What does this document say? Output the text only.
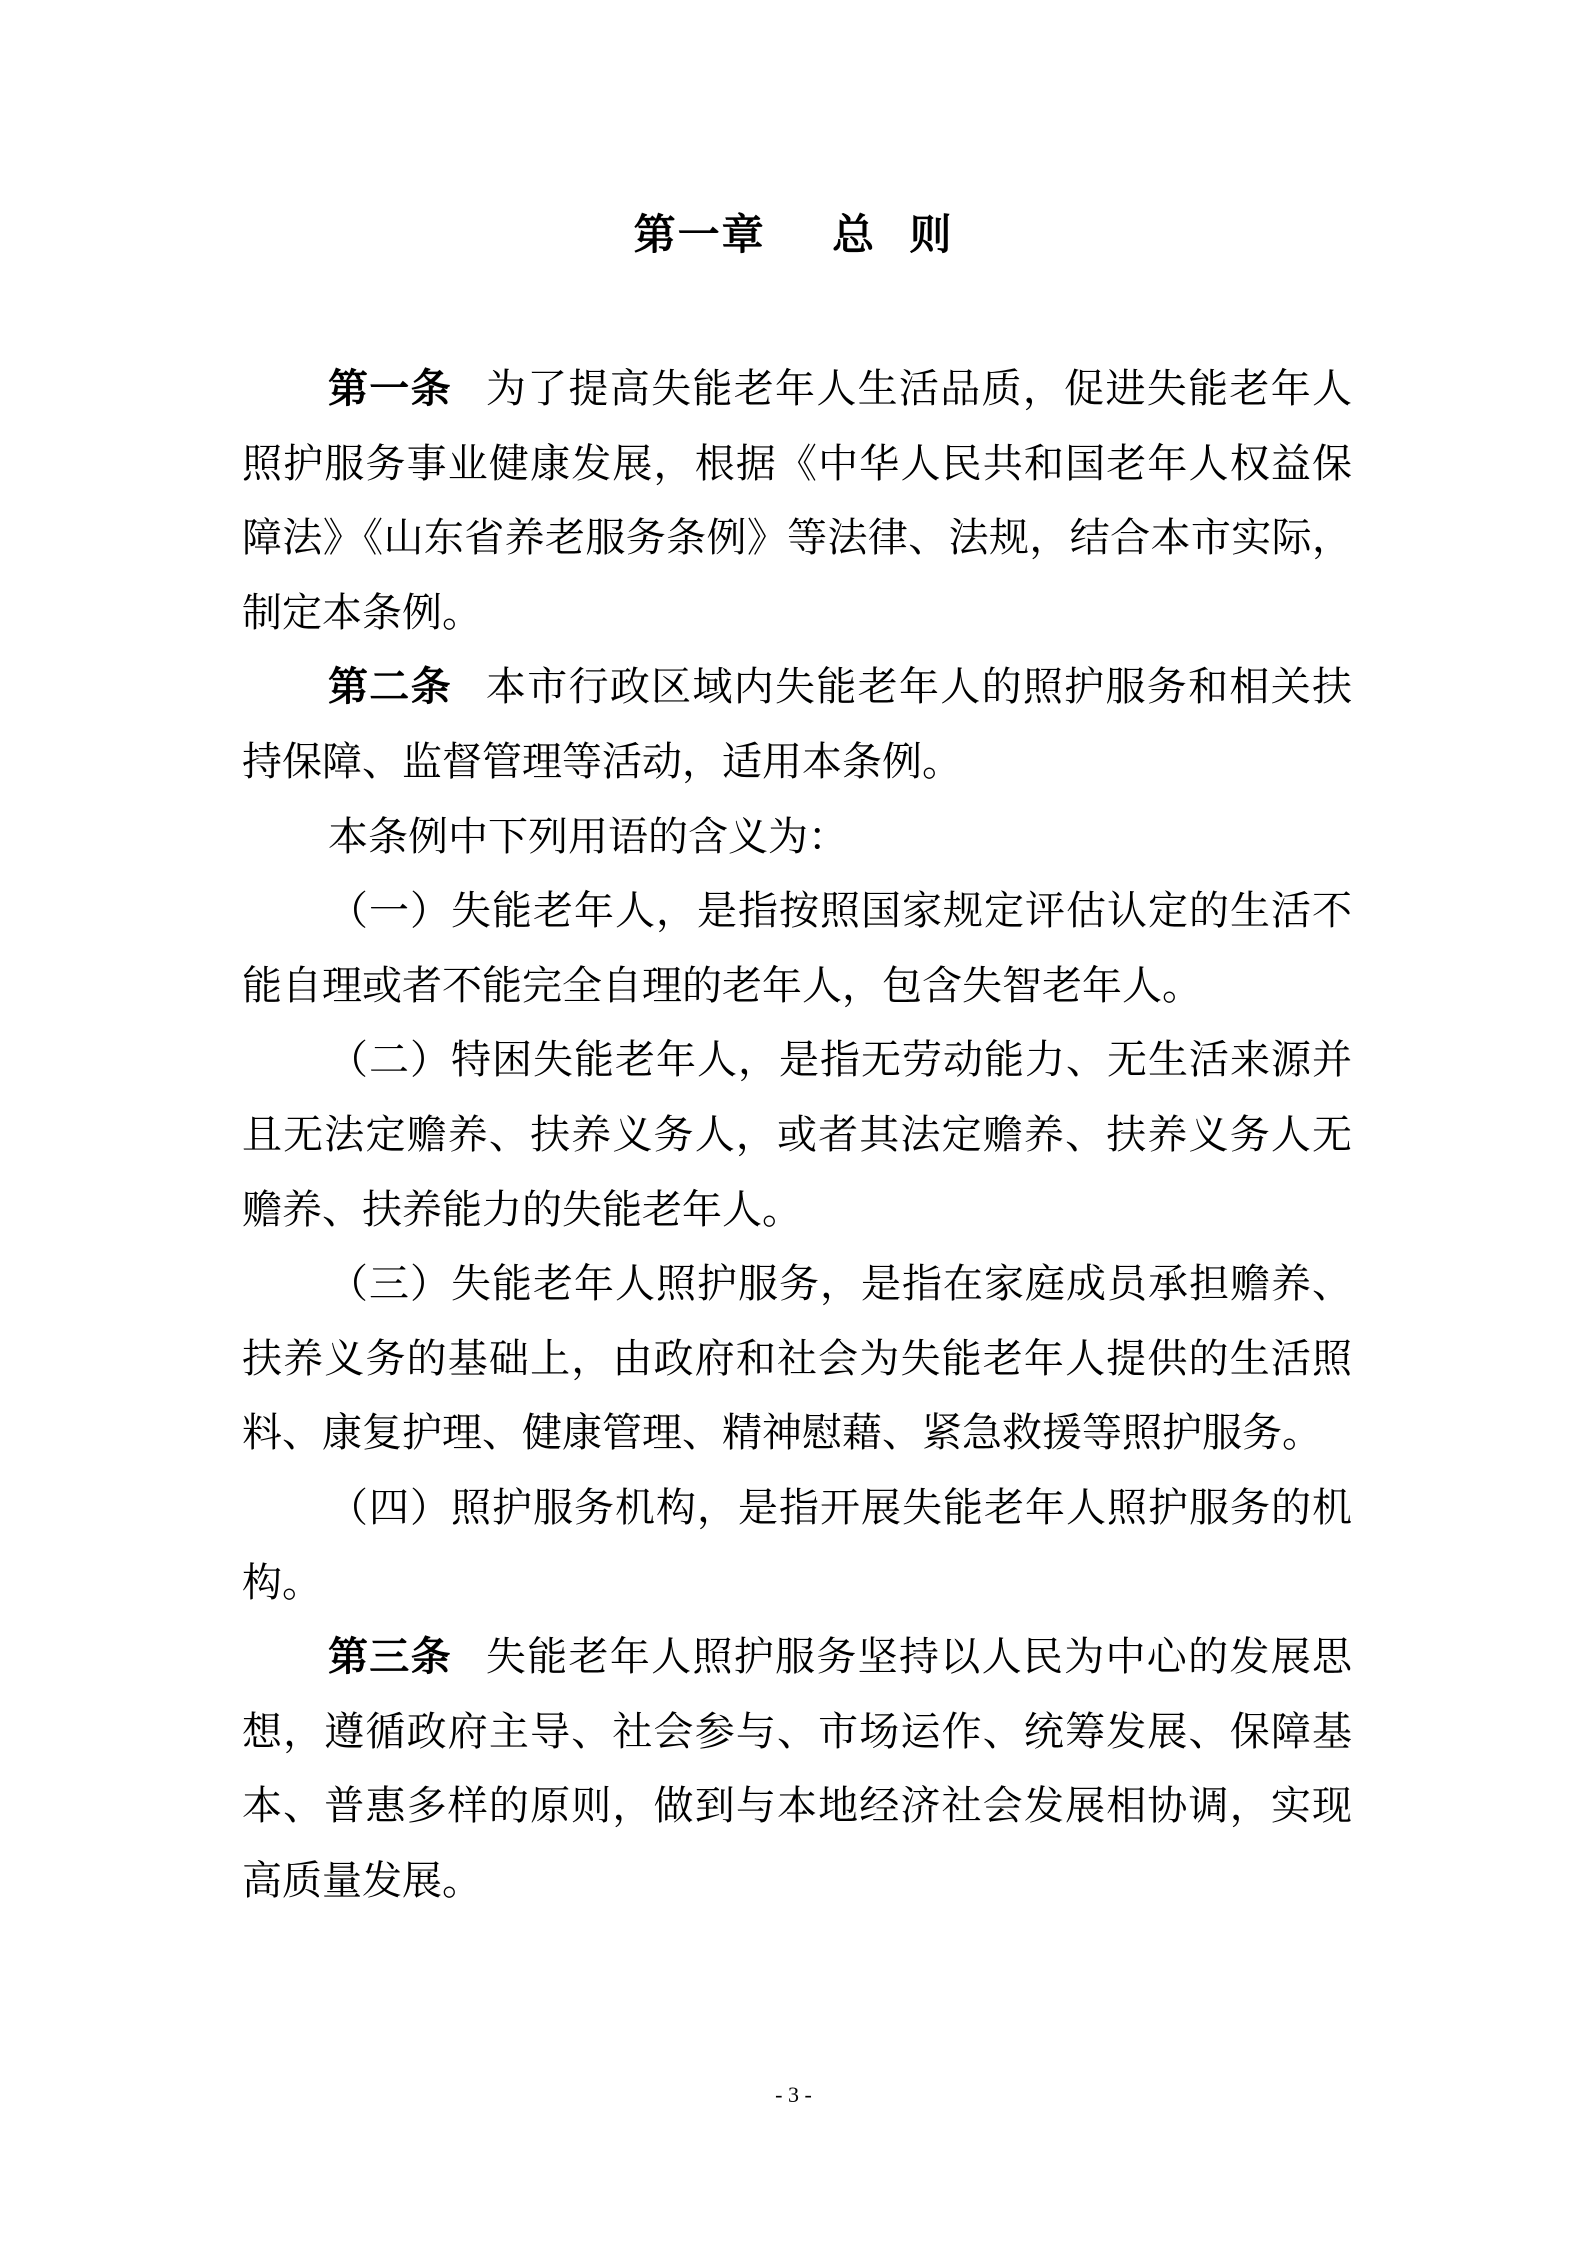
第一章    总  则

第一条 为了提高失能老年人生活品质，促进失能老年人照护服务事业健康发展，根据《中华人民共和国老年人权益保障法》《山东省养老服务条例》等法律、法规，结合本市实际，制定本条例。

第二条 本市行政区域内失能老年人的照护服务和相关扶持保障、监督管理等活动，适用本条例。

本条例中下列用语的含义为：

（一）失能老年人，是指按照国家规定评估认定的生活不能自理或者不能完全自理的老年人，包含失智老年人。

（二）特困失能老年人，是指无劳动能力、无生活来源并且无法定赡养、扶养义务人，或者其法定赡养、扶养义务人无赡养、扶养能力的失能老年人。

（三）失能老年人照护服务，是指在家庭成员承担赡养、扶养义务的基础上，由政府和社会为失能老年人提供的生活照料、康复护理、健康管理、精神慰藉、紧急救援等照护服务。

（四）照护服务机构，是指开展失能老年人照护服务的机构。

第三条 失能老年人照护服务坚持以人民为中心的发展思想，遵循政府主导、社会参与、市场运作、统筹发展、保障基本、普惠多样的原则，做到与本地经济社会发展相协调，实现高质量发展。

- 3 -
